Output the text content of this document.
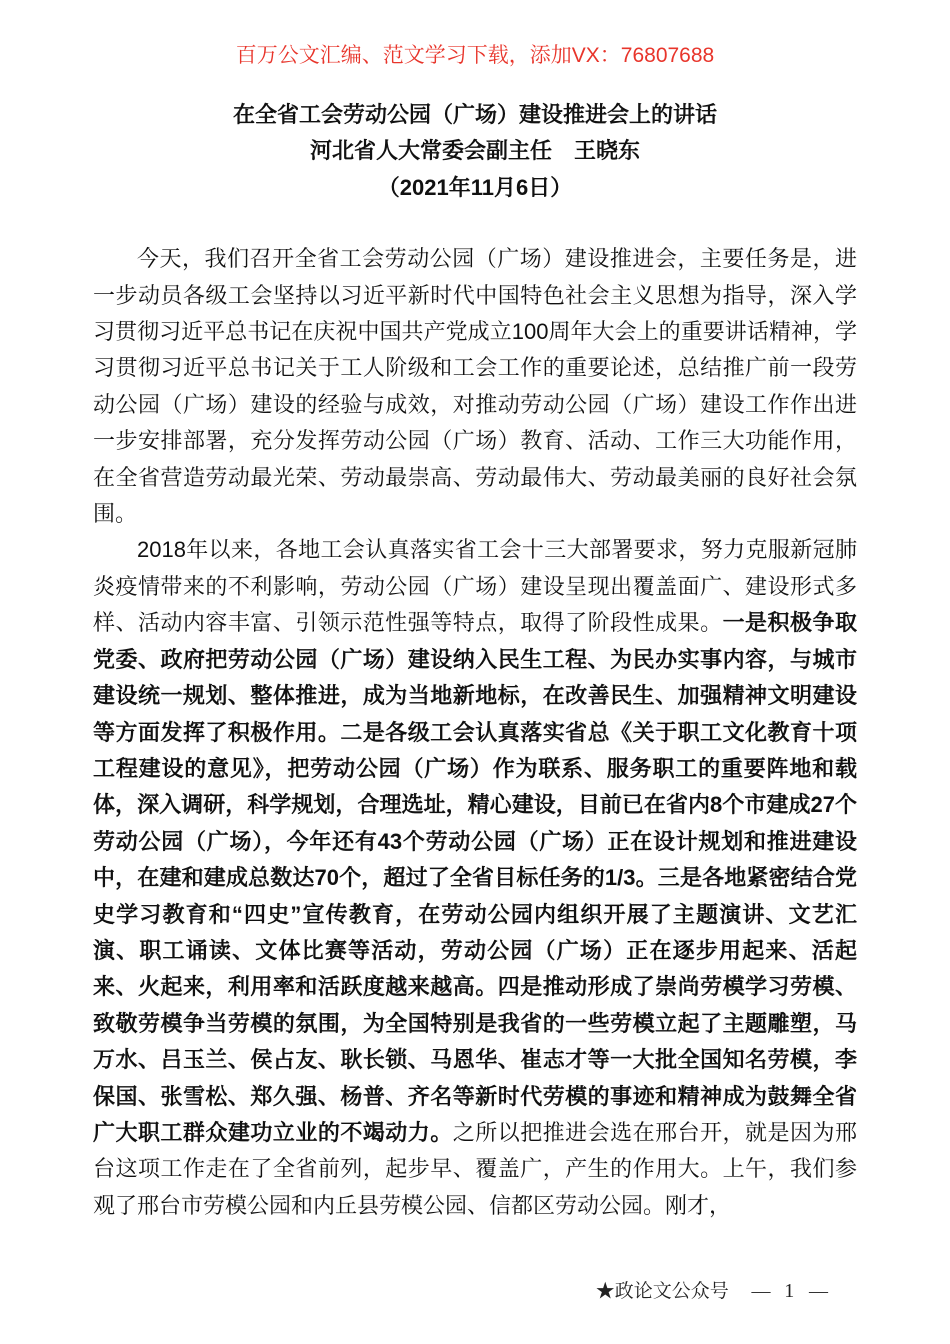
百万公文汇编、范文学习下载，添加VX：76807688
在全省工会劳动公园（广场）建设推进会上的讲话
河北省人大常委会副主任　王晓东
（2021年11月6日）

今天，我们召开全省工会劳动公园（广场）建设推进会，主要任务是，进一步动员各级工会坚持以习近平新时代中国特色社会主义思想为指导，深入学习贯彻习近平总书记在庆祝中国共产党成立100周年大会上的重要讲话精神，学习贯彻习近平总书记关于工人阶级和工会工作的重要论述，总结推广前一段劳动公园（广场）建设的经验与成效，对推动劳动公园（广场）建设工作作出进一步安排部署，充分发挥劳动公园（广场）教育、活动、工作三大功能作用，在全省营造劳动最光荣、劳动最崇高、劳动最伟大、劳动最美丽的良好社会氛围。

2018年以来，各地工会认真落实省工会十三大部署要求，努力克服新冠肺炎疫情带来的不利影响，劳动公园（广场）建设呈现出覆盖面广、建设形式多样、活动内容丰富、引领示范性强等特点，取得了阶段性成果。一是积极争取党委、政府把劳动公园（广场）建设纳入民生工程、为民办实事内容，与城市建设统一规划、整体推进，成为当地新地标，在改善民生、加强精神文明建设等方面发挥了积极作用。二是各级工会认真落实省总《关于职工文化教育十项工程建设的意见》，把劳动公园（广场）作为联系、服务职工的重要阵地和载体，深入调研，科学规划，合理选址，精心建设，目前已在省内8个市建成27个劳动公园（广场），今年还有43个劳动公园（广场）正在设计规划和推进建设中，在建和建成总数达70个，超过了全省目标任务的1/3。三是各地紧密结合党史学习教育和“四史”宣传教育，在劳动公园内组织开展了主题演讲、文艺汇演、职工诵读、文体比赛等活动，劳动公园（广场）正在逐步用起来、活起来、火起来，利用率和活跃度越来越高。四是推动形成了崇尚劳模学习劳模、致敬劳模争当劳模的氛围，为全国特别是我省的一些劳模立起了主题雕塑，马万水、吕玉兰、侯占友、耿长锁、马恩华、崔志才等一大批全国知名劳模，李保国、张雪松、郑久强、杨普、齐名等新时代劳模的事迹和精神成为鼓舞全省广大职工群众建功立业的不竭动力。之所以把推进会选在邢台开，就是因为邢台这项工作走在了全省前列，起步早、覆盖广，产生的作用大。上午，我们参观了邢台市劳模公园和内丘县劳模公园、信都区劳动公园。刚才，

★政论文公众号 — 1 —
